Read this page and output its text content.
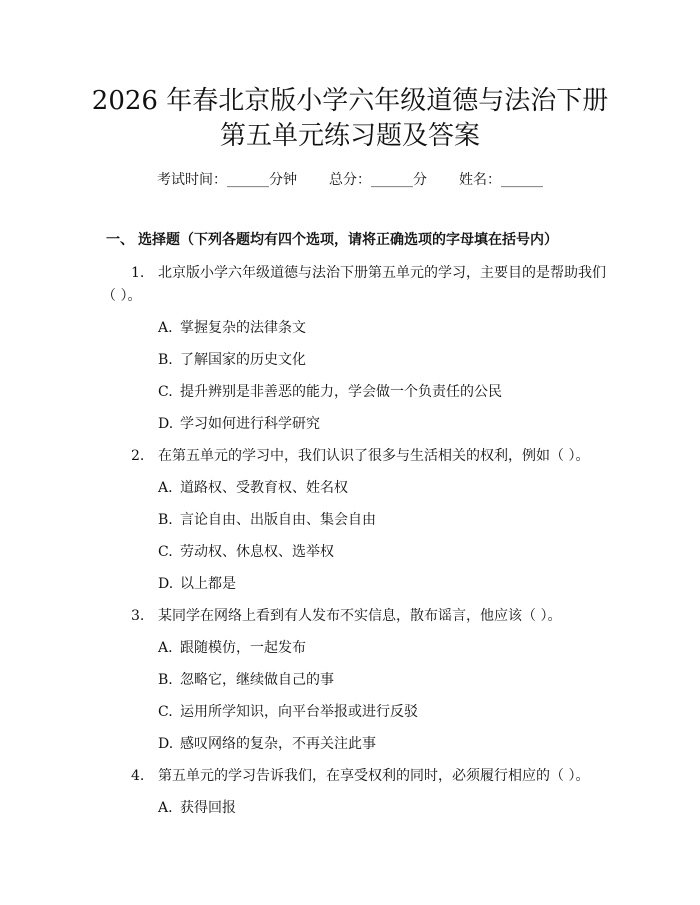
2026 年春北京版小学六年级道德与法治下册
第五单元练习题及答案
考试时间：______分钟 总分：______分 姓名：______
一、 选择题（下列各题均有四个选项，请将正确选项的字母填在括号内）
1. 北京版小学六年级道德与法治下册第五单元的学习，主要目的是帮助我们
（ ）。
A. 掌握复杂的法律条文
B. 了解国家的历史文化
C. 提升辨别是非善恶的能力，学会做一个负责任的公民
D. 学习如何进行科学研究
2. 在第五单元的学习中，我们认识了很多与生活相关的权利，例如（ ）。
A. 道路权、受教育权、姓名权
B. 言论自由、出版自由、集会自由
C. 劳动权、休息权、选举权
D. 以上都是
3. 某同学在网络上看到有人发布不实信息，散布谣言，他应该（ ）。
A. 跟随模仿，一起发布
B. 忽略它，继续做自己的事
C. 运用所学知识，向平台举报或进行反驳
D. 感叹网络的复杂，不再关注此事
4. 第五单元的学习告诉我们，在享受权利的同时，必须履行相应的（ ）。
A. 获得回报
